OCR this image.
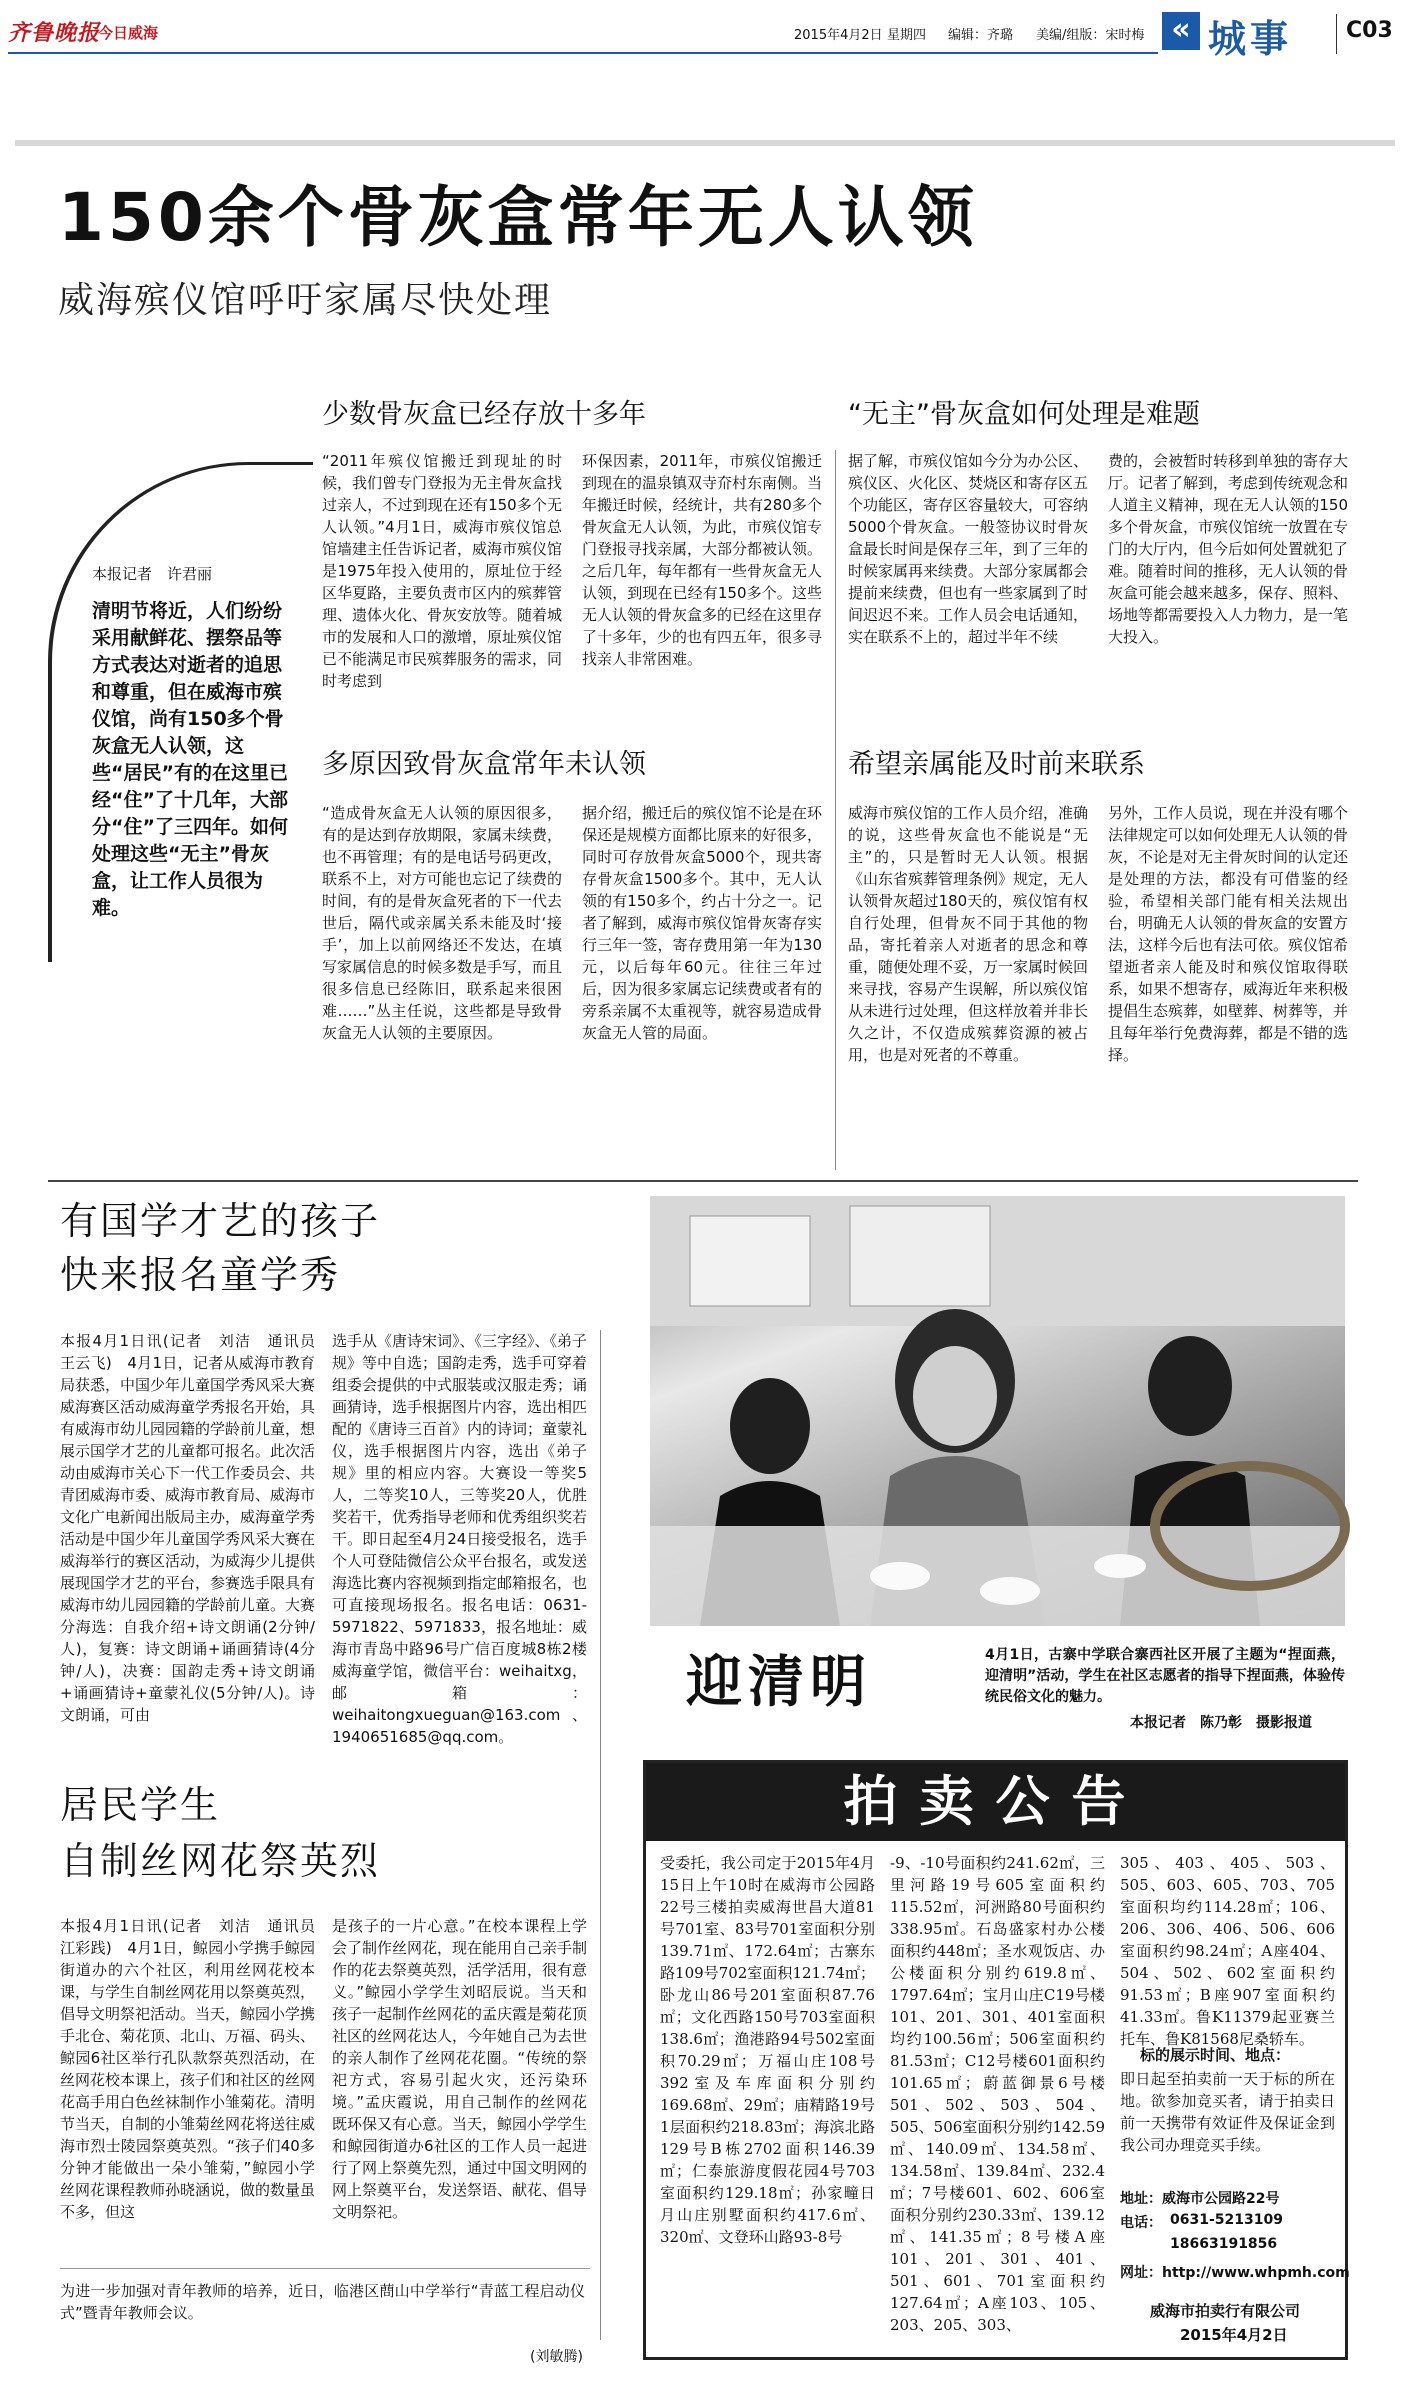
齐鲁晚报
今日威海	2015年4月2日 星期四 编辑：齐璐 美编/组版：宋时梅 « 城事 C03
150余个骨灰盒常年无人认领
威海殡仪馆呼吁家属尽快处理
本报记者　许君丽
清明节将近，人们纷纷采用献鲜花、摆祭品等方式表达对逝者的追思和尊重，但在威海市殡仪馆，尚有150多个骨灰盒无人认领，这些“居民”有的在这里已经“住”了十几年，大部分“住”了三四年。如何处理这些“无主”骨灰盒，让工作人员很为难。
少数骨灰盒已经存放十多年
“2011年殡仪馆搬迁到现址的时候，我们曾专门登报为无主骨灰盒找过亲人，不过到现在还有150多个无人认领。”4月1日，威海市殡仪馆总馆墙建主任告诉记者，威海市殡仪馆是1975年投入使用的，原址位于经区华夏路，主要负责市区内的殡葬管理、遗体火化、骨灰安放等。随着城市的发展和人口的激增，原址殡仪馆已不能满足市民殡葬服务的需求，同时考虑到
环保因素，2011年，市殡仪馆搬迁到现在的温泉镇双寺夼村东南侧。当年搬迁时候，经统计，共有280多个骨灰盒无人认领，为此，市殡仪馆专门登报寻找亲属，大部分都被认领。之后几年，每年都有一些骨灰盒无人认领，到现在已经有150多个。这些无人认领的骨灰盒多的已经在这里存了十多年，少的也有四五年，很多寻找亲人非常困难。
“无主”骨灰盒如何处理是难题
据了解，市殡仪馆如今分为办公区、殡仪区、火化区、焚烧区和寄存区五个功能区，寄存区容量较大，可容纳5000个骨灰盒。一般签协议时骨灰盒最长时间是保存三年，到了三年的时候家属再来续费。大部分家属都会提前来续费，但也有一些家属到了时间迟迟不来。工作人员会电话通知，实在联系不上的，超过半年不续
费的，会被暂时转移到单独的寄存大厅。记者了解到，考虑到传统观念和人道主义精神，现在无人认领的150多个骨灰盒，市殡仪馆统一放置在专门的大厅内，但今后如何处置就犯了难。随着时间的推移，无人认领的骨灰盒可能会越来越多，保存、照料、场地等都需要投入人力物力，是一笔大投入。
多原因致骨灰盒常年未认领
“造成骨灰盒无人认领的原因很多，有的是达到存放期限，家属未续费，也不再管理；有的是电话号码更改，联系不上，对方可能也忘记了续费的时间，有的是骨灰盒死者的下一代去世后，隔代或亲属关系未能及时‘接手’，加上以前网络还不发达，在填写家属信息的时候多数是手写，而且很多信息已经陈旧，联系起来很困难……”丛主任说，这些都是导致骨灰盒无人认领的主要原因。
据介绍，搬迁后的殡仪馆不论是在环保还是规模方面都比原来的好很多，同时可存放骨灰盒5000个，现共寄存骨灰盒1500多个。其中，无人认领的有150多个，约占十分之一。记者了解到，威海市殡仪馆骨灰寄存实行三年一签，寄存费用第一年为130元，以后每年60元。往往三年过后，因为很多家属忘记续费或者有的旁系亲属不太重视等，就容易造成骨灰盒无人管的局面。
希望亲属能及时前来联系
威海市殡仪馆的工作人员介绍，准确的说，这些骨灰盒也不能说是“无主”的，只是暂时无人认领。根据《山东省殡葬管理条例》规定，无人认领骨灰超过180天的，殡仪馆有权自行处理，但骨灰不同于其他的物品，寄托着亲人对逝者的思念和尊重，随便处理不妥，万一家属时候回来寻找，容易产生误解，所以殡仪馆从未进行过处理，但这样放着并非长久之计，不仅造成殡葬资源的被占用，也是对死者的不尊重。
另外，工作人员说，现在并没有哪个法律规定可以如何处理无人认领的骨灰，不论是对无主骨灰时间的认定还是处理的方法，都没有可借鉴的经验，希望相关部门能有相关法规出台，明确无人认领的骨灰盒的安置方法，这样今后也有法可依。殡仪馆希望逝者亲人能及时和殡仪馆取得联系，如果不想寄存，威海近年来积极提倡生态殡葬，如壁葬、树葬等，并且每年举行免费海葬，都是不错的选择。
有国学才艺的孩子
快来报名童学秀
本报4月1日讯(记者　刘洁　通讯员　王云飞)　4月1日，记者从威海市教育局获悉，中国少年儿童国学秀风采大赛威海赛区活动威海童学秀报名开始，具有威海市幼儿园园籍的学龄前儿童，想展示国学才艺的儿童都可报名。此次活动由威海市关心下一代工作委员会、共青团威海市委、威海市教育局、威海市文化广电新闻出版局主办，威海童学秀活动是中国少年儿童国学秀风采大赛在威海举行的赛区活动，为威海少儿提供展现国学才艺的平台，参赛选手限具有威海市幼儿园园籍的学龄前儿童。大赛分海选：自我介绍+诗文朗诵(2分钟/人)，复赛：诗文朗诵+诵画猜诗(4分钟/人)，决赛：国韵走秀+诗文朗诵+诵画猜诗+童蒙礼仪(5分钟/人)。诗文朗诵，可由
选手从《唐诗宋词》、《三字经》、《弟子规》等中自选；国韵走秀，选手可穿着组委会提供的中式服装或汉服走秀；诵画猜诗，选手根据图片内容，选出相匹配的《唐诗三百首》内的诗词；童蒙礼仪，选手根据图片内容，选出《弟子规》里的相应内容。大赛设一等奖5人，二等奖10人，三等奖20人，优胜奖若干，优秀指导老师和优秀组织奖若干。即日起至4月24日接受报名，选手个人可登陆微信公众平台报名，或发送海选比赛内容视频到指定邮箱报名，也可直接现场报名。报名电话：0631-5971822、5971833，报名地址：威海市青岛中路96号广信百度城8栋2楼威海童学馆，微信平台：weihaitxg，邮箱：weihaitongxueguan@163.com、1940651685@qq.com。
迎清明	4月1日，古寨中学联合寨西社区开展了主题为“捏面燕，迎清明”活动，学生在社区志愿者的指导下捏面燕，体验传统民俗文化的魅力。
本报记者　陈乃彰　摄影报道
居民学生
自制丝网花祭英烈
本报4月1日讯(记者　刘洁　通讯员　江彩践)　4月1日，鲸园小学携手鲸园街道办的六个社区，利用丝网花校本课，与学生自制丝网花用以祭奠英烈，倡导文明祭祀活动。当天，鲸园小学携手北仓、菊花顶、北山、万福、码头、鲸园6社区举行孔队款祭英烈活动，在丝网花校本课上，孩子们和社区的丝网花高手用白色丝袜制作小雏菊花。清明节当天，自制的小雏菊丝网花将送往威海市烈士陵园祭奠英烈。“孩子们40多分钟才能做出一朵小雏菊，”鲸园小学丝网花课程教师孙晓涵说，做的数量虽不多，但这
是孩子的一片心意。”在校本课程上学会了制作丝网花，现在能用自己亲手制作的花去祭奠英烈，活学活用，很有意义。”鲸园小学学生刘昭辰说。当天和孩子一起制作丝网花的孟庆霞是菊花顶社区的丝网花达人，今年她自己为去世的亲人制作了丝网花花圈。“传统的祭祀方式，容易引起火灾，还污染环境。”孟庆霞说，用自己制作的丝网花既环保又有心意。当天，鲸园小学学生和鲸园街道办6社区的工作人员一起进行了网上祭奠先烈，通过中国文明网的网上祭奠平台，发送祭语、献花、倡导文明祭祀。
为进一步加强对青年教师的培养，近日，临港区蔄山中学举行“青蓝工程启动仪式”暨青年教师会议。
(刘敏腾)
拍卖公告
受委托，我公司定于2015年4月15日上午10时在威海市公园路22号三楼拍卖威海世昌大道81号701室、83号701室面积分别139.71㎡、172.64㎡；古寨东路109号702室面积121.74㎡；卧龙山86号201室面积87.76㎡；文化西路150号703室面积138.6㎡；渔港路94号502室面积70.29㎡；万福山庄108号392室及车库面积分别约169.68㎡、29㎡；庙精路19号1层面积约218.83㎡；海滨北路129号B栋2702面积146.39㎡；仁泰旅游度假花园4号703室面积约129.18㎡；孙家疃日月山庄别墅面积约417.6㎡、320㎡、文登环山路93-8号
-9、-10号面积约241.62㎡，三里河路19号605室面积约115.52㎡，河洲路80号面积约338.95㎡。石岛盛家村办公楼面积约448㎡；圣水观饭店、办公楼面积分别约619.8㎡、1797.64㎡；宝月山庄C19号楼101、201、301、401室面积均约100.56㎡；506室面积约81.53㎡；C12号楼601面积约101.65㎡；蔚蓝御景6号楼501、502、503、504、505、506室面积分别约142.59㎡、140.09㎡、134.58㎡、134.58㎡、139.84㎡、232.4㎡；7号楼601、602、606室面积分别约230.33㎡、139.12㎡、141.35㎡；8号楼A座101、201、301、401、501、601、701室面积约127.64㎡；A座103、105、203、205、303、
305、403、405、503、505、603、605、703、705室面积均约114.28㎡；106、206、306、406、506、606室面积约98.24㎡；A座404、504、502、602室面积约91.53㎡；B座907室面积约41.33㎡。鲁K11379起亚赛兰托车、鲁K81568尼桑轿车。
标的展示时间、地点：
即日起至拍卖前一天于标的所在地。欲参加竞买者，请于拍卖日前一天携带有效证件及保证金到我公司办理竞买手续。
地址：威海市公园路22号
电话： 0631-5213109
18663191856
网址：http://www.whpmh.com
威海市拍卖行有限公司
2015年4月2日
